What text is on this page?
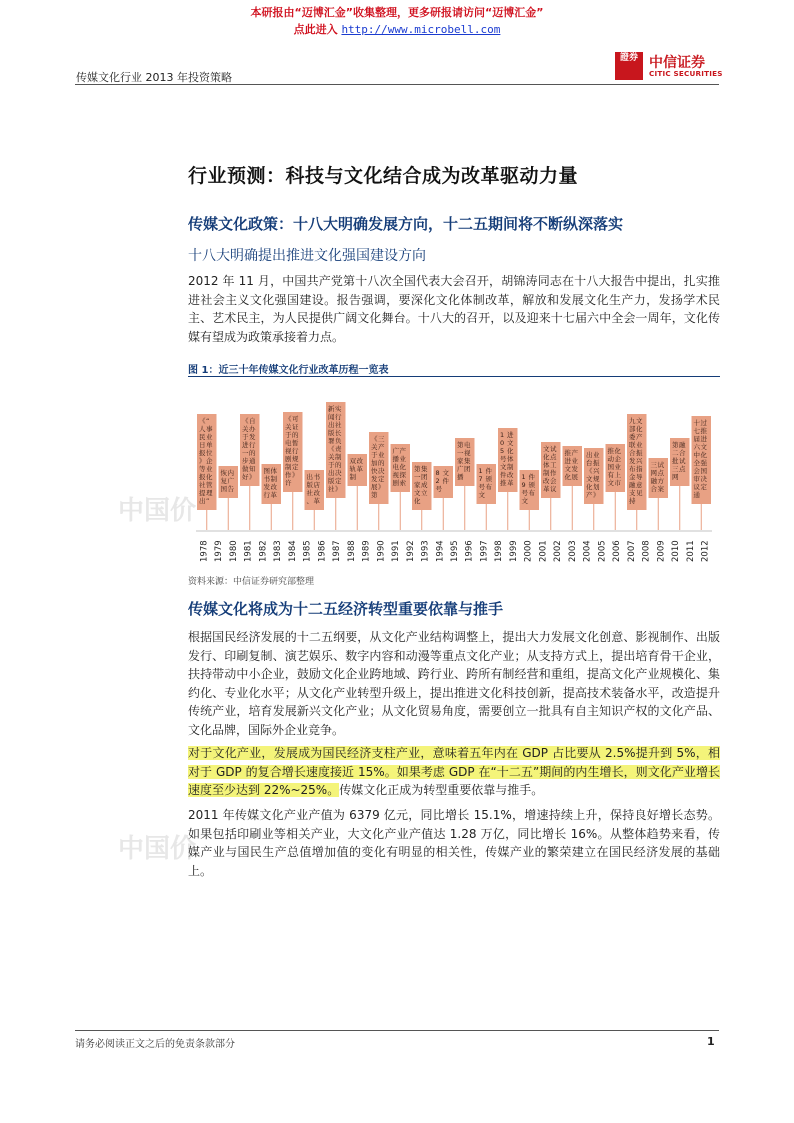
本研报由“迈博汇金”收集整理，更多研报请访问“迈博汇金”
点此进入 http://www.microbell.com
传媒文化行业 2013 年投资策略
證券 中信证券
CITIC SECURITIES
中国价
中国价
行业预测：科技与文化结合成为改革驱动力量
传媒文化政策：十八大明确发展方向，十二五期间将不断纵深落实
十八大明确提出推进文化强国建设方向

2012 年 11 月，中国共产党第十八次全国代表大会召开，胡锦涛同志在十八大报告中提出，扎实推进社会主义文化强国建设。报告强调，要深化文化体制改革，解放和发展文化生产力，发扬学术民主、艺术民主，为人民提供广阔文化舞台。十八大的召开，以及迎来十七届六中全会一周年，文化传媒有望成为政策承接着力点。

图 1：近三十年传媒文化行业改革历程一览表
1978 1979 1980 1981 1982 1983 1984 1985 1986 1987 1988 1989 1990 1991 1992 1993 1994 1995 1996 1997 1998 1999 2000 2001 2002 2003 2004 2005 2006 2007 2008 2009 2010 2011 2012
《人民日报》等报社提出“事业单位企业化管理”
恢复国内广告
《关于进一步做好自办发行的通知》
图书发行体制改革
《关于电视剧制作许可证的暂行规定》 出版社、书店改革
新闻出版署《关于出版社实行社长负责制的决定》
双轨制改革
《关于加快发展第三产业的决定》
广播电视剧产业化探索
第一家文化集团成立
8 2 号文件
第一家广播电视集团 1 7 号文件颁布
1 0 5 号文件推进文化体制改革
1 9 号文件颁布
文化体制改革试点工作会议
推进文化产业发展
出台《文化产业振兴规划》
推动国有文化企业上市
九部委联合发布金融支持文化产业振兴指导意见
三网融合试点方案
第二批三网融合试点
十七届六中全会审议通过推进文化强国决定
资料来源：中信证券研究部整理
传媒文化将成为十二五经济转型重要依靠与推手

根据国民经济发展的十二五纲要，从文化产业结构调整上，提出大力发展文化创意、影视制作、出版发行、印刷复制、演艺娱乐、数字内容和动漫等重点文化产业；从支持方式上，提出培育骨干企业，扶持带动中小企业，鼓励文化企业跨地域、跨行业、跨所有制经营和重组，提高文化产业规模化、集约化、专业化水平；从文化产业转型升级上，提出推进文化科技创新，提高技术装备水平，改造提升传统产业，培育发展新兴文化产业；从文化贸易角度，需要创立一批具有自主知识产权的文化产品、文化品牌，国际外企业竞争。

对于文化产业，发展成为国民经济支柱产业，意味着五年内在 GDP 占比要从 2.5%提升到 5%，相对于 GDP 的复合增长速度接近 15%。如果考虑 GDP 在“十二五”期间的内生增长，则文化产业增长速度至少达到 22%~25%。传媒文化正成为转型重要依靠与推手。

2011 年传媒文化产业产值为 6379 亿元，同比增长 15.1%，增速持续上升，保持良好增长态势。如果包括印刷业等相关产业，大文化产业产值达 1.28 万亿，同比增长 16%。从整体趋势来看，传媒产业与国民生产总值增加值的变化有明显的相关性，传媒产业的繁荣建立在国民经济发展的基础上。

请务必阅读正文之后的免责条款部分	1
